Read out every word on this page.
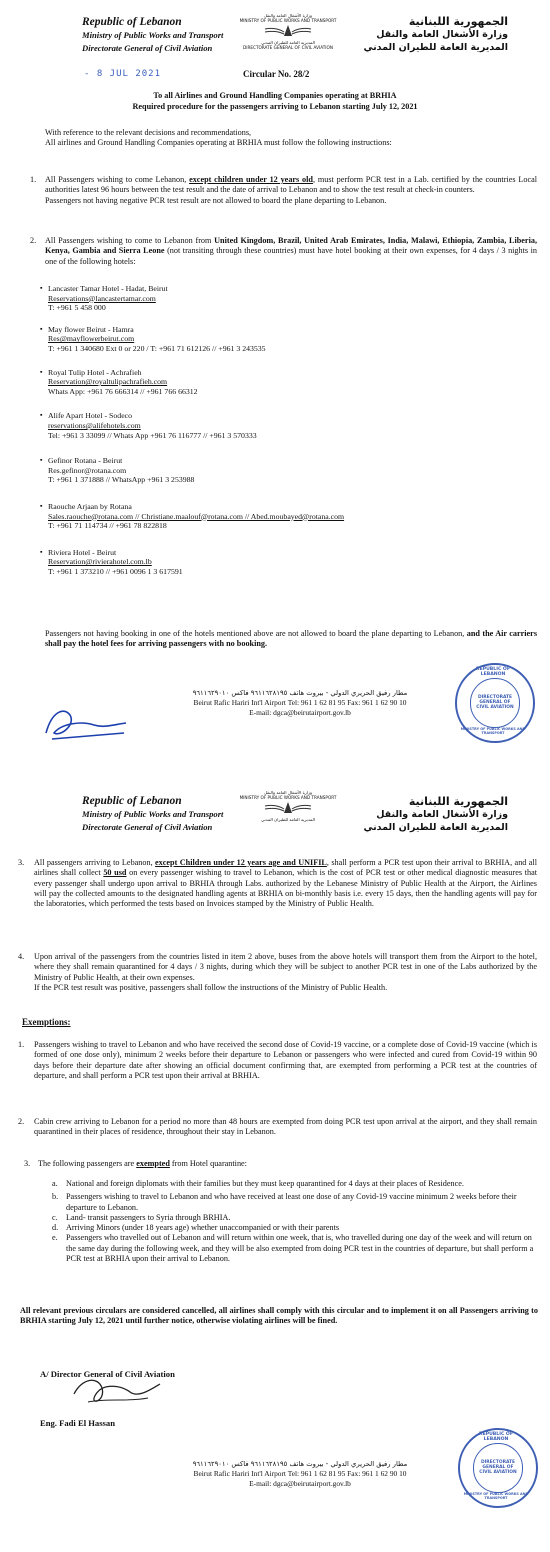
Republic of Lebanon
Ministry of Public Works and Transport
Directorate General of Civil Aviation
وزارة الأشغال العامة والنقل
MINISTRY OF PUBLIC WORKS AND TRANSPORT
المديرية العامة للطيران المدني
DIRECTORATE GENERAL OF CIVIL AVIATION
الجمهورية اللبنانية
وزارة الأشغال العامة والنقل
المديرية العامة للطيران المدني
- 8 JUL 2021	Circular No. 28/2
To all Airlines and Ground Handling Companies operating at BRHIA
Required procedure for the passengers arriving to Lebanon starting July 12, 2021
With reference to the relevant decisions and recommendations,
All airlines and Ground Handling Companies operating at BRHIA must follow the following instructions:
1. All Passengers wishing to come Lebanon, except children under 12 years old, must perform PCR test in a Lab. certified by the countries Local authorities latest 96 hours between the test result and the date of arrival to Lebanon and to show the test result at check-in counters.
Passengers not having negative PCR test result are not allowed to board the plane departing to Lebanon.
2. All Passengers wishing to come to Lebanon from United Kingdom, Brazil, United Arab Emirates, India, Malawi, Ethiopia, Zambia, Liberia, Kenya, Gambia and Sierra Leone (not transiting through these countries) must have hotel booking at their own expenses, for 4 days / 3 nights in one of the following hotels:
▪ Lancaster Tamar Hotel - Hadat, Beirut
Reservations@lancastertamar.com
T: +961 5 458 000
▪ May flower Beirut - Hamra
Res@mayflowerbeirut.com
T: +961 1 340680 Ext 0 or 220 / T: +961 71 612126 // +961 3 243535
▪ Royal Tulip Hotel - Achrafieh
Reservation@royaltulipachrafieh.com
Whats App: +961 76 666314 // +961 766 66312
▪ Alife Apart Hotel - Sodeco
reservations@alifehotels.com
Tel: +961 3 33099 // Whats App +961 76 116777 // +961 3 570333
▪ Gefinor Rotana - Beirut
Res.gefinor@rotana.com
T: +961 1 371888 // WhatsApp +961 3 253988
▪ Raouche Arjaan by Rotana
Sales.raouche@rotana.com // Christiane.maalouf@rotana.com // Abed.moubayed@rotana.com
T: +961 71 114734 // +961 78 822818
▪ Riviera Hotel - Beirut
Reservation@rivierahotel.com.lb
T: +961 1 373210 // +961 0096 1 3 617591
Passengers not having booking in one of the hotels mentioned above are not allowed to board the plane departing to Lebanon, and the Air carriers shall pay the hotel fees for arriving passengers with no booking.
مطار رفيق الحريري الدولي - بيروت هاتف ٩٦١١٦٢٨١٩٥ فاكس ٩٦١١٦٢٩٠١٠
Beirut Rafic Hariri Int'l Airport Tel: 961 1 62 81 95 Fax: 961 1 62 90 10
E-mail: dgca@beirutairport.gov.lb
DIRECTORATE
GENERAL OF
CIVIL AVIATION
REPUBLIC OF LEBANON
MINISTRY OF PUBLIC WORKS AND TRANSPORT
Republic of Lebanon
Ministry of Public Works and Transport
Directorate General of Civil Aviation
وزارة الأشغال العامة والنقل
MINISTRY OF PUBLIC WORKS AND TRANSPORT
المديرية العامة للطيران المدني
الجمهورية اللبنانية
وزارة الأشغال العامة والنقل
المديرية العامة للطيران المدني
3. All passengers arriving to Lebanon, except Children under 12 years age and UNIFIL, shall perform a PCR test upon their arrival to BRHIA, and all airlines shall collect 50 usd on every passenger wishing to travel to Lebanon, which is the cost of PCR test or other medical diagnostic measures that every passenger shall undergo upon arrival to BRHIA through Labs. authorized by the Lebanese Ministry of Public Health at the Airport, the Airlines will pay the collected amounts to the designated handling agents at BRHIA on bi-monthly basis i.e. every 15 days, then the handling agents will pay for the laboratories, which performed the tests based on Invoices stamped by the Ministry of Public Health.
4. Upon arrival of the passengers from the countries listed in item 2 above, buses from the above hotels will transport them from the Airport to the hotel, where they shall remain quarantined for 4 days / 3 nights, during which they will be subject to another PCR test in one of the Labs authorized by the Ministry of Public Health, at their own expenses.
If the PCR test result was positive, passengers shall follow the instructions of the Ministry of Public Health.
Exemptions:
1. Passengers wishing to travel to Lebanon and who have received the second dose of Covid-19 vaccine, or a complete dose of Covid-19 vaccine (which is formed of one dose only), minimum 2 weeks before their departure to Lebanon or passengers who were infected and cured from Covid-19 within 90 days before their departure date after showing an official document confirming that, are exempted from performing a PCR test at the countries of departure, and shall perform a PCR test upon their arrival at BRHIA.
2. Cabin crew arriving to Lebanon for a period no more than 48 hours are exempted from doing PCR test upon arrival at the airport, and they shall remain quarantined in their places of residence, throughout their stay in Lebanon.
3. The following passengers are exempted from Hotel quarantine:
a. National and foreign diplomats with their families but they must keep quarantined for 4 days at their places of Residence.
b. Passengers wishing to travel to Lebanon and who have received at least one dose of any Covid-19 vaccine minimum 2 weeks before their departure to Lebanon.
c. Land- transit passengers to Syria through BRHIA.
d. Arriving Minors (under 18 years age) whether unaccompanied or with their parents
e. Passengers who travelled out of Lebanon and will return within one week, that is, who travelled during one day of the week and will return on the same day during the following week, and they will be also exempted from doing PCR test in the countries of departure, but shall perform a PCR test at BRHIA upon their arrival to Lebanon.
All relevant previous circulars are considered cancelled, all airlines shall comply with this circular and to implement it on all Passengers arriving to BRHIA starting July 12, 2021 until further notice, otherwise violating airlines will be fined.
A/ Director General of Civil Aviation
Eng. Fadi El Hassan
مطار رفيق الحريري الدولي - بيروت هاتف ٩٦١١٦٢٨١٩٥ فاكس ٩٦١١٦٢٩٠١٠
Beirut Rafic Hariri Int'l Airport Tel: 961 1 62 81 95 Fax: 961 1 62 90 10
E-mail: dgca@beirutairport.gov.lb
DIRECTORATE
GENERAL OF
CIVIL AVIATION
REPUBLIC OF LEBANON
MINISTRY OF PUBLIC WORKS AND TRANSPORT
